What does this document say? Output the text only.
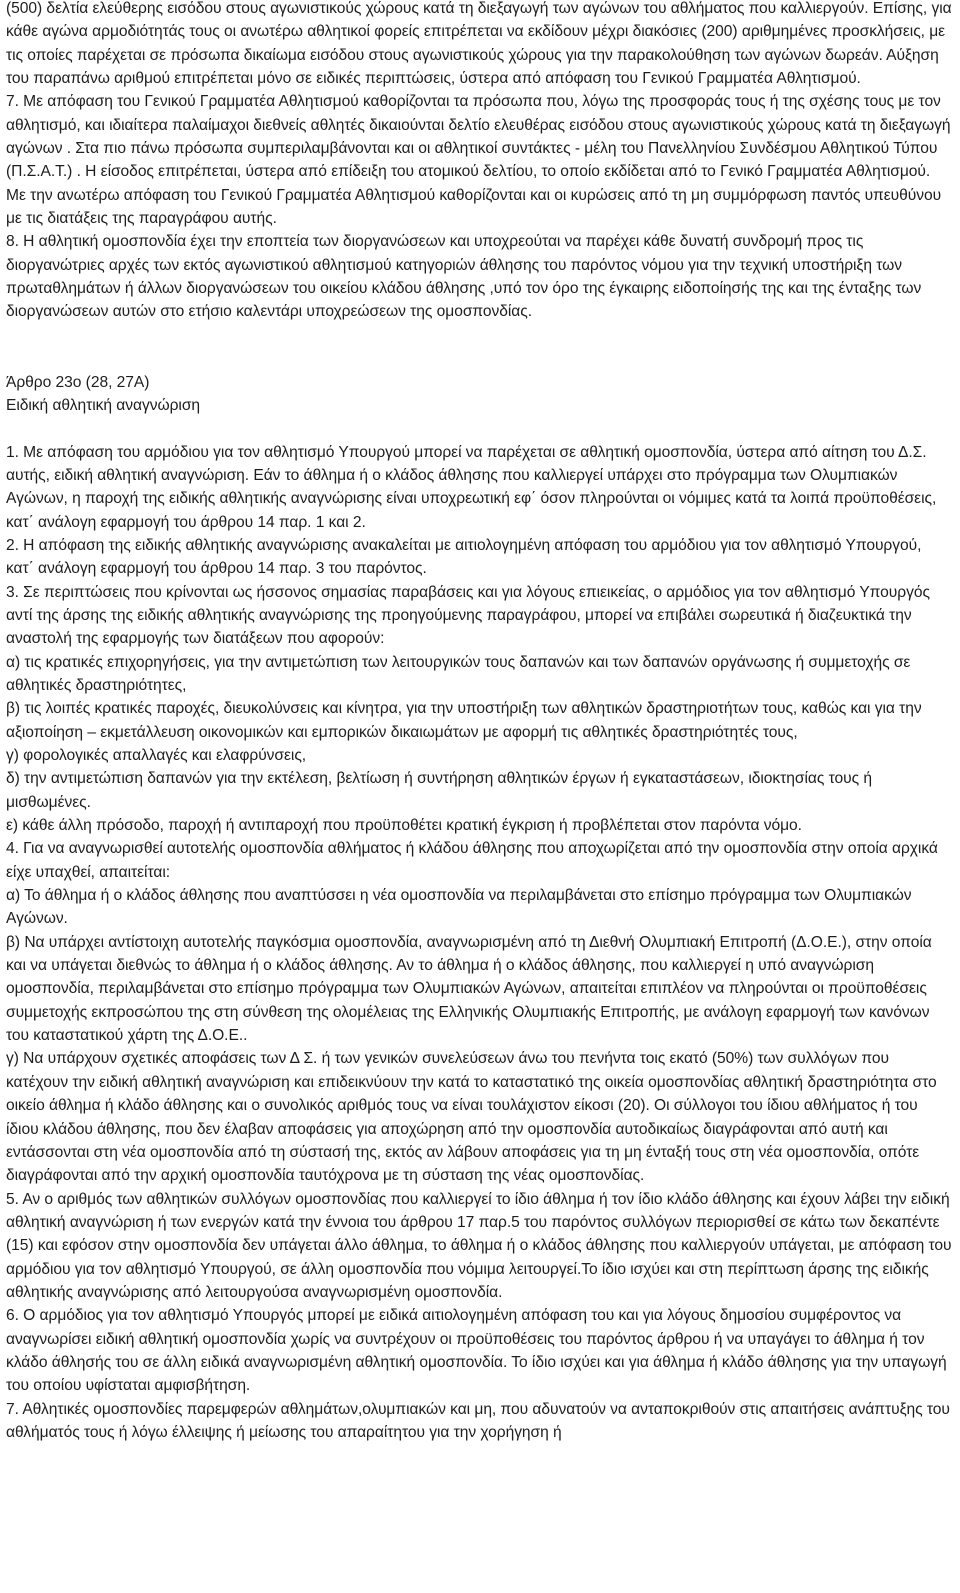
(500) δελτία ελεύθερης εισόδου στους αγωνιστικούς χώρους κατά τη διεξαγωγή των αγώνων του αθλήματος που καλλιεργούν. Επίσης, για κάθε αγώνα αρμοδιότητάς τους οι ανωτέρω αθλητικοί φορείς επιτρέπεται να εκδίδουν μέχρι διακόσιες (200) αριθμημένες προσκλήσεις, με τις οποίες παρέχεται σε πρόσωπα δικαίωμα εισόδου στους αγωνιστικούς χώρους για την παρακολούθηση των αγώνων δωρεάν. Αύξηση του παραπάνω αριθμού επιτρέπεται μόνο σε ειδικές περιπτώσεις, ύστερα από απόφαση του Γενικού Γραμματέα Αθλητισμού.

7. Με απόφαση του Γενικού Γραμματέα Αθλητισμού καθορίζονται τα πρόσωπα που, λόγω της προσφοράς τους ή της σχέσης τους με τον αθλητισμό, και ιδιαίτερα παλαίμαχοι διεθνείς αθλητές δικαιούνται δελτίο ελευθέρας εισόδου στους αγωνιστικούς χώρους κατά τη διεξαγωγή αγώνων . Στα πιο πάνω πρόσωπα συμπεριλαμβάνονται και οι αθλητικοί συντάκτες - μέλη του Πανελληνίου Συνδέσμου Αθλητικού Τύπου (Π.Σ.Α.Τ.) . Η είσοδος επιτρέπεται, ύστερα από επίδειξη του ατομικού δελτίου, το οποίο εκδίδεται από το Γενικό Γραμματέα Αθλητισμού. Με την ανωτέρω απόφαση του Γενικού Γραμματέα Αθλητισμού καθορίζονται και οι κυρώσεις από τη μη συμμόρφωση παντός υπευθύνου με τις διατάξεις της παραγράφου αυτής.

8. Η αθλητική ομοσπονδία έχει την εποπτεία των διοργανώσεων και υποχρεούται να παρέχει κάθε δυνατή συνδρομή προς τις διοργανώτριες αρχές των εκτός αγωνιστικού αθλητισμού κατηγοριών άθλησης του παρόντος νόμου για την τεχνική υποστήριξη των πρωταθλημάτων ή άλλων διοργανώσεων του οικείου κλάδου άθλησης ,υπό τον όρο της έγκαιρης ειδοποίησής της και της ένταξης των διοργανώσεων αυτών στο ετήσιο καλεντάρι υποχρεώσεων της ομοσπονδίας.

Άρθρο 23ο (28, 27Α)

Ειδική αθλητική αναγνώριση

1. Με απόφαση του αρμόδιου για τον αθλητισμό Υπουργού μπορεί να παρέχεται σε αθλητική ομοσπονδία, ύστερα από αίτηση του Δ.Σ. αυτής, ειδική αθλητική αναγνώριση. Εάν το άθλημα ή ο κλάδος άθλησης που καλλιεργεί υπάρχει στο πρόγραμμα των Ολυμπιακών Αγώνων, η παροχή της ειδικής αθλητικής αναγνώρισης είναι υποχρεωτική εφ΄ όσον πληρούνται οι νόμιμες κατά τα λοιπά προϋποθέσεις, κατ΄ ανάλογη εφαρμογή του άρθρου 14 παρ. 1 και 2.

2. Η απόφαση της ειδικής αθλητικής αναγνώρισης ανακαλείται με αιτιολογημένη απόφαση του αρμόδιου για τον αθλητισμό Υπουργού, κατ΄ ανάλογη εφαρμογή του άρθρου 14 παρ. 3 του παρόντος.

3. Σε περιπτώσεις που κρίνονται ως ήσσονος σημασίας παραβάσεις και για λόγους επιεικείας, ο αρμόδιος για τον αθλητισμό Υπουργός αντί της άρσης της ειδικής αθλητικής αναγνώρισης της προηγούμενης παραγράφου, μπορεί να επιβάλει σωρευτικά ή διαζευκτικά την αναστολή της εφαρμογής των διατάξεων που αφορούν:

α) τις κρατικές επιχορηγήσεις, για την αντιμετώπιση των λειτουργικών τους δαπανών και των δαπανών οργάνωσης ή συμμετοχής σε αθλητικές δραστηριότητες,

β) τις λοιπές κρατικές παροχές, διευκολύνσεις και κίνητρα, για την υποστήριξη των αθλητικών δραστηριοτήτων τους, καθώς και για την αξιοποίηση – εκμετάλλευση οικονομικών και εμπορικών δικαιωμάτων με αφορμή τις αθλητικές δραστηριότητές τους,

γ) φορολογικές απαλλαγές και ελαφρύνσεις,

δ) την αντιμετώπιση δαπανών για την εκτέλεση, βελτίωση ή συντήρηση αθλητικών έργων ή εγκαταστάσεων, ιδιοκτησίας τους ή μισθωμένες.

ε) κάθε άλλη πρόσοδο, παροχή ή αντιπαροχή που προϋποθέτει κρατική έγκριση ή προβλέπεται στον παρόντα νόμο.

4. Για να αναγνωρισθεί αυτοτελής ομοσπονδία αθλήματος ή κλάδου άθλησης που αποχωρίζεται από την ομοσπονδία στην οποία αρχικά είχε υπαχθεί, απαιτείται:

α) Το άθλημα ή ο κλάδος άθλησης που αναπτύσσει η νέα ομοσπονδία να περιλαμβάνεται στο επίσημο πρόγραμμα των Ολυμπιακών Αγώνων.

β) Να υπάρχει αντίστοιχη αυτοτελής παγκόσμια ομοσπονδία, αναγνωρισμένη από τη Διεθνή Ολυμπιακή Επιτροπή (Δ.Ο.Ε.), στην οποία και να υπάγεται διεθνώς το άθλημα ή ο κλάδος άθλησης. Αν το άθλημα ή ο κλάδος άθλησης, που καλλιεργεί η υπό αναγνώριση ομοσπονδία, περιλαμβάνεται στο επίσημο πρόγραμμα των Ολυμπιακών Αγώνων, απαιτείται επιπλέον να πληρούνται οι προϋποθέσεις συμμετοχής εκπροσώπου της στη σύνθεση της ολομέλειας της Ελληνικής Ολυμπιακής Επιτροπής, με ανάλογη εφαρμογή των κανόνων του καταστατικού χάρτη της Δ.Ο.Ε..

γ) Να υπάρχουν σχετικές αποφάσεις των Δ Σ. ή των γενικών συνελεύσεων άνω του πενήντα τοις εκατό (50%) των συλλόγων που κατέχουν την ειδική αθλητική αναγνώριση και επιδεικνύουν την κατά το καταστατικό της οικεία ομοσπονδίας αθλητική δραστηριότητα στο οικείο άθλημα ή κλάδο άθλησης και ο συνολικός αριθμός τους να είναι τουλάχιστον είκοσι (20). Οι σύλλογοι του ίδιου αθλήματος ή του ίδιου κλάδου άθλησης, που δεν έλαβαν αποφάσεις για αποχώρηση από την ομοσπονδία αυτοδικαίως διαγράφονται από αυτή και εντάσσονται στη νέα ομοσπονδία από τη σύστασή της, εκτός αν λάβουν αποφάσεις για τη μη ένταξή τους στη νέα ομοσπονδία, οπότε διαγράφονται από την αρχική ομοσπονδία ταυτόχρονα με τη σύσταση της νέας ομοσπονδίας.

5. Αν ο αριθμός των αθλητικών συλλόγων ομοσπονδίας που καλλιεργεί το ίδιο άθλημα ή τον ίδιο κλάδο άθλησης και έχουν λάβει την ειδική αθλητική αναγνώριση ή των ενεργών κατά την έννοια του άρθρου 17 παρ.5 του παρόντος συλλόγων περιορισθεί σε κάτω των δεκαπέντε (15) και εφόσον στην ομοσπονδία δεν υπάγεται άλλο άθλημα, το άθλημα ή ο κλάδος άθλησης που καλλιεργούν υπάγεται, με απόφαση του αρμόδιου για τον αθλητισμό Υπουργού, σε άλλη ομοσπονδία που νόμιμα λειτουργεί.Το ίδιο ισχύει και στη περίπτωση άρσης της ειδικής αθλητικής αναγνώρισης από λειτουργούσα αναγνωρισμένη ομοσπονδία.

6. Ο αρμόδιος για τον αθλητισμό Υπουργός μπορεί με ειδικά αιτιολογημένη απόφαση του και για λόγους δημοσίου συμφέροντος να αναγνωρίσει ειδική αθλητική ομοσπονδία χωρίς να συντρέχουν οι προϋποθέσεις του παρόντος άρθρου ή να υπαγάγει το άθλημα ή τον κλάδο άθλησής του σε άλλη ειδικά αναγνωρισμένη αθλητική ομοσπονδία. Το ίδιο ισχύει και για άθλημα ή κλάδο άθλησης για την υπαγωγή του οποίου υφίσταται αμφισβήτηση.

7. Αθλητικές ομοσπονδίες παρεμφερών αθλημάτων,ολυμπιακών και μη, που αδυνατούν να ανταποκριθούν στις απαιτήσεις ανάπτυξης του αθλήματός τους ή λόγω έλλειψης ή μείωσης του απαραίτητου για την χορήγηση ή
